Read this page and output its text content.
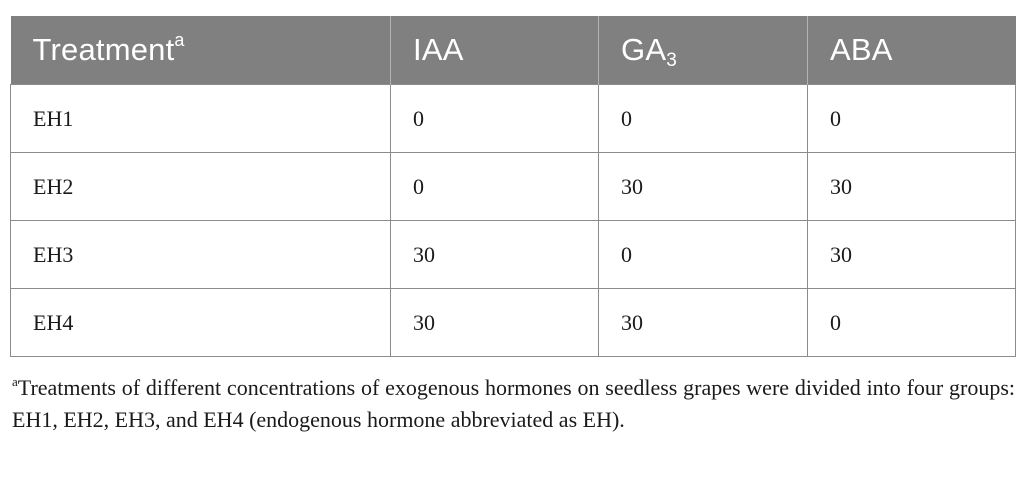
Treatment$^a$	IAA	$GA_3$	ABA
EH1	0	0	0
EH2	0	30	30
EH3	30	0	30
EH4	30	30	0
$^a$Treatments of different concentrations of exogenous hormones on seedless grapes were divided into four groups: EH1, EH2, EH3, and EH4 (endogenous hormone abbreviated as EH).
